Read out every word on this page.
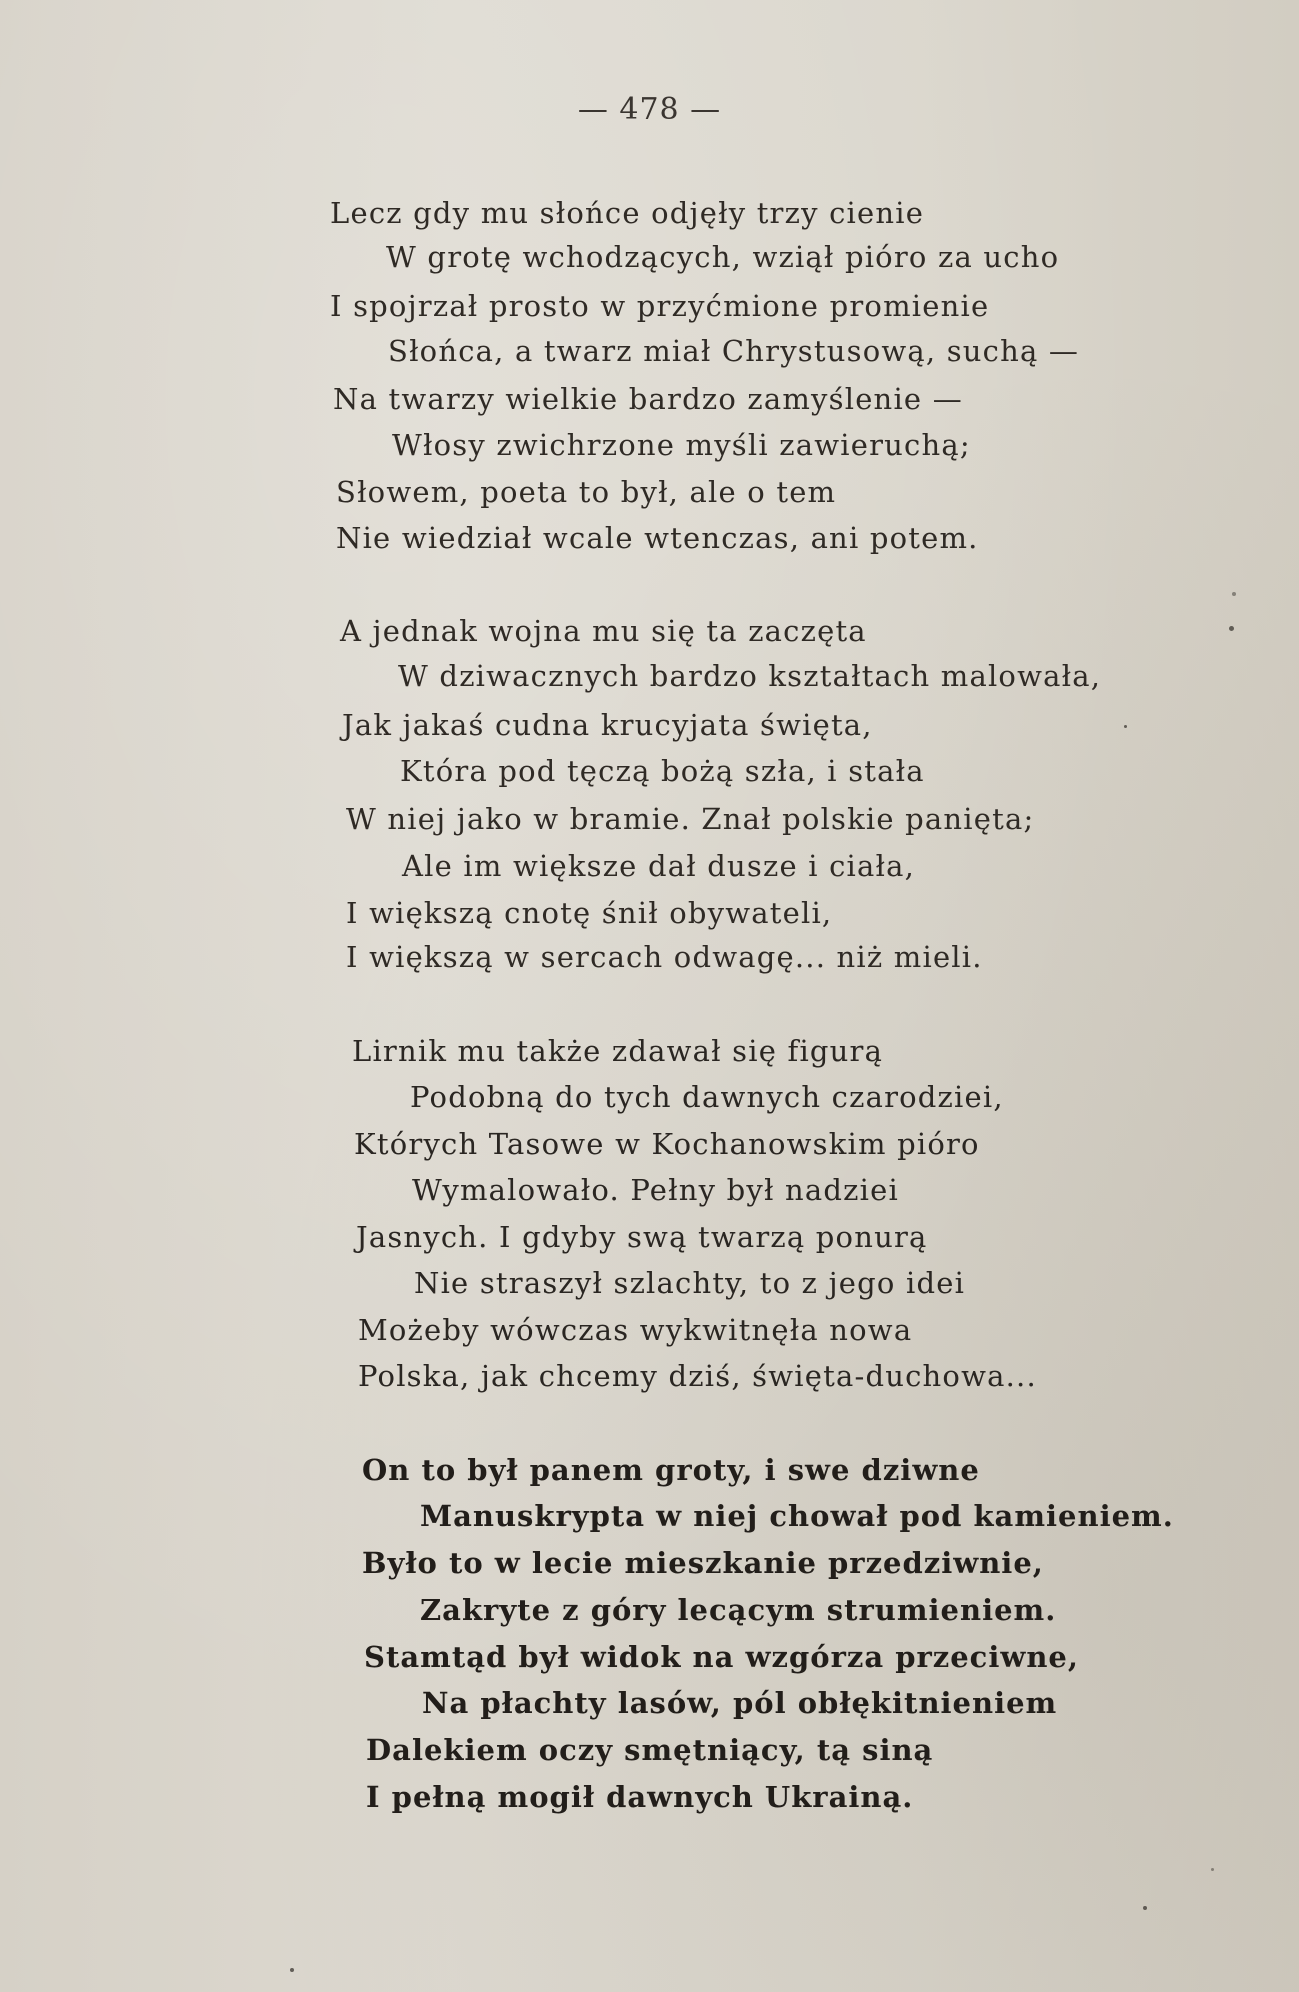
— 478 —
Lecz gdy mu słońce odjęły trzy cienie
W grotę wchodzących, wziął pióro za ucho
I spojrzał prosto w przyćmione promienie
Słońca, a twarz miał Chrystusową, suchą —
Na twarzy wielkie bardzo zamyślenie —
Włosy zwichrzone myśli zawieruchą;
Słowem, poeta to był, ale o tem
Nie wiedział wcale wtenczas, ani potem.
A jednak wojna mu się ta zaczęta
W dziwacznych bardzo kształtach malowała,
Jak jakaś cudna krucyjata święta,
Która pod tęczą bożą szła, i stała
W niej jako w bramie. Znał polskie panięta;
Ale im większe dał dusze i ciała,
I większą cnotę śnił obywateli,
I większą w sercach odwagę... niż mieli.
Lirnik mu także zdawał się figurą
Podobną do tych dawnych czarodziei,
Których Tasowe w Kochanowskim pióro
Wymalowało. Pełny był nadziei
Jasnych. I gdyby swą twarzą ponurą
Nie straszył szlachty, to z jego idei
Możeby wówczas wykwitnęła nowa
Polska, jak chcemy dziś, święta-duchowa...
On to był panem groty, i swe dziwne
Manuskrypta w niej chował pod kamieniem.
Było to w lecie mieszkanie przedziwnie,
Zakryte z góry lecącym strumieniem.
Stamtąd był widok na wzgórza przeciwne,
Na płachty lasów, pól obłękitnieniem
Dalekiem oczy smętniący, tą siną
I pełną mogił dawnych Ukrainą.
